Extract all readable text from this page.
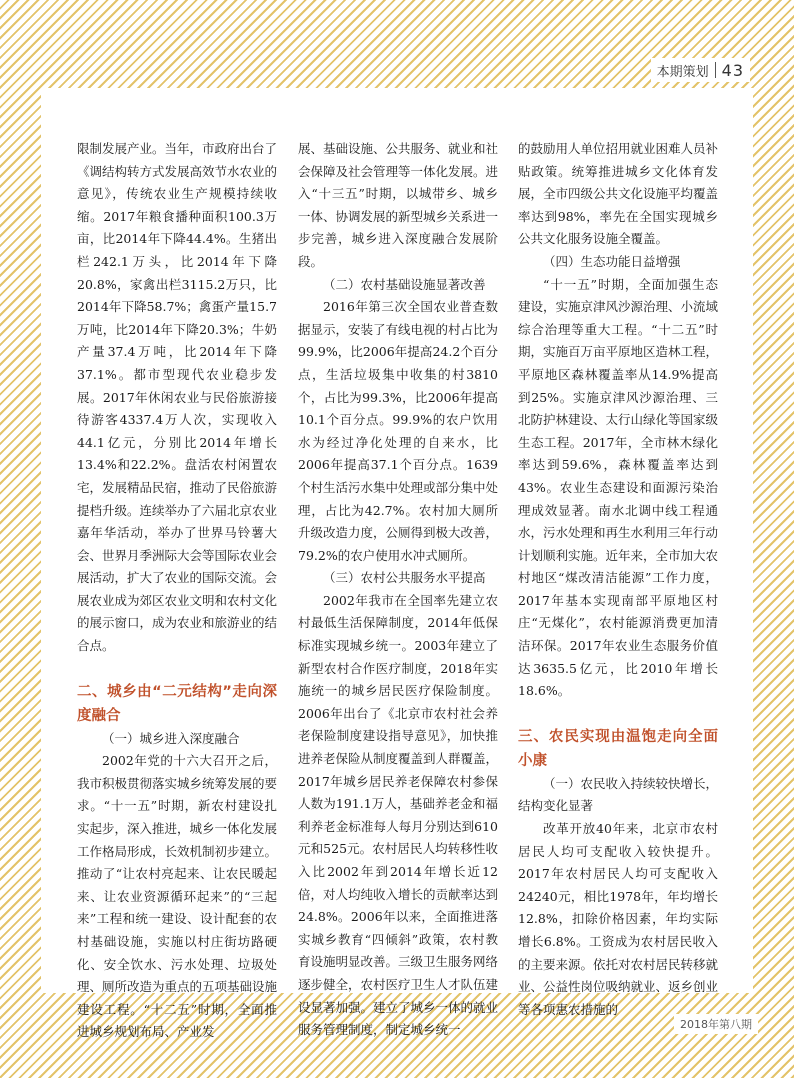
本期策划 43

限制发展产业。当年，市政府出台了《调结构转方式发展高效节水农业的意见》，传统农业生产规模持续收缩。2017年粮食播种面积100.3万亩，比2014年下降44.4%。生猪出栏242.1万头，比2014年下降20.8%，家禽出栏3115.2万只，比2014年下降58.7%；禽蛋产量15.7万吨，比2014年下降20.3%；牛奶产量37.4万吨，比2014年下降37.1%。都市型现代农业稳步发展。2017年休闲农业与民俗旅游接待游客4337.4万人次，实现收入44.1亿元，分别比2014年增长13.4%和22.2%。盘活农村闲置农宅，发展精品民宿，推动了民俗旅游提档升级。连续举办了六届北京农业嘉年华活动，举办了世界马铃薯大会、世界月季洲际大会等国际农业会展活动，扩大了农业的国际交流。会展农业成为郊区农业文明和农村文化的展示窗口，成为农业和旅游业的结合点。

二、城乡由“二元结构”走向深度融合

（一）城乡进入深度融合

2002年党的十六大召开之后，我市积极贯彻落实城乡统筹发展的要求。“十一五”时期，新农村建设扎实起步，深入推进，城乡一体化发展工作格局形成，长效机制初步建立。推动了“让农村亮起来、让农民暖起来、让农业资源循环起来”的“三起来”工程和统一建设、设计配套的农村基础设施，实施以村庄街坊路硬化、安全饮水、污水处理、垃圾处理、厕所改造为重点的五项基础设施建设工程。“十二五”时期，全面推进城乡规划布局、产业发

展、基础设施、公共服务、就业和社会保障及社会管理等一体化发展。进入“十三五”时期，以城带乡、城乡一体、协调发展的新型城乡关系进一步完善，城乡进入深度融合发展阶段。

（二）农村基础设施显著改善

2016年第三次全国农业普查数据显示，安装了有线电视的村占比为99.9%，比2006年提高24.2个百分点，生活垃圾集中收集的村3810个，占比为99.3%，比2006年提高10.1个百分点。99.9%的农户饮用水为经过净化处理的自来水，比2006年提高37.1个百分点。1639个村生活污水集中处理或部分集中处理，占比为42.7%。农村加大厕所升级改造力度，公厕得到极大改善，79.2%的农户使用水冲式厕所。

（三）农村公共服务水平提高

2002年我市在全国率先建立农村最低生活保障制度，2014年低保标准实现城乡统一。2003年建立了新型农村合作医疗制度，2018年实施统一的城乡居民医疗保险制度。2006年出台了《北京市农村社会养老保险制度建设指导意见》，加快推进养老保险从制度覆盖到人群覆盖，2017年城乡居民养老保障农村参保人数为191.1万人，基础养老金和福利养老金标准每人每月分别达到610元和525元。农村居民人均转移性收入比2002年到2014年增长近12倍，对人均纯收入增长的贡献率达到24.8%。2006年以来，全面推进落实城乡教育“四倾斜”政策，农村教育设施明显改善。三级卫生服务网络逐步健全，农村医疗卫生人才队伍建设显著加强。建立了城乡一体的就业服务管理制度，制定城乡统一

的鼓励用人单位招用就业困难人员补贴政策。统筹推进城乡文化体育发展，全市四级公共文化设施平均覆盖率达到98%，率先在全国实现城乡公共文化服务设施全覆盖。

（四）生态功能日益增强

“十一五”时期，全面加强生态建设，实施京津风沙源治理、小流域综合治理等重大工程。“十二五”时期，实施百万亩平原地区造林工程，平原地区森林覆盖率从14.9%提高到25%。实施京津风沙源治理、三北防护林建设、太行山绿化等国家级生态工程。2017年，全市林木绿化率达到59.6%，森林覆盖率达到43%。农业生态建设和面源污染治理成效显著。南水北调中线工程通水，污水处理和再生水利用三年行动计划顺利实施。近年来，全市加大农村地区“煤改清洁能源”工作力度，2017年基本实现南部平原地区村庄“无煤化”，农村能源消费更加清洁环保。2017年农业生态服务价值达3635.5亿元，比2010年增长18.6%。

三、农民实现由温饱走向全面小康

（一）农民收入持续较快增长，结构变化显著

改革开放40年来，北京市农村居民人均可支配收入较快提升。2017年农村居民人均可支配收入24240元，相比1978年，年均增长12.8%，扣除价格因素，年均实际增长6.8%。工资成为农村居民收入的主要来源。依托对农村居民转移就业、公益性岗位吸纳就业、返乡创业等各项惠农措施的

2018年第八期
